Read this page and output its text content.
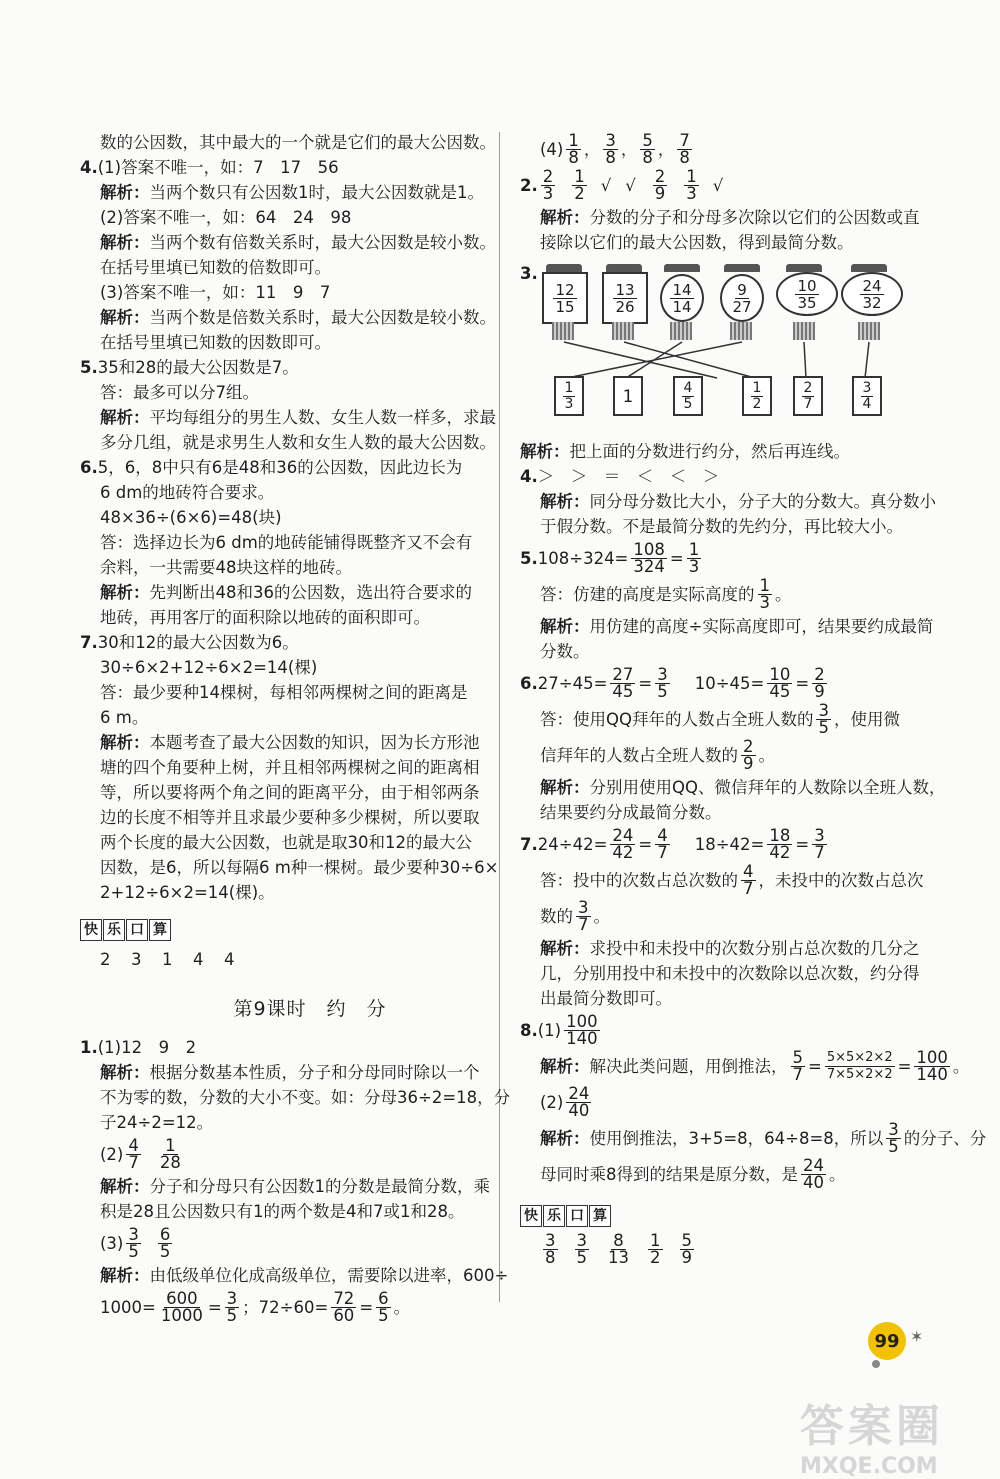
数的公因数，其中最大的一个就是它们的最大公因数。
4.(1)答案不唯一，如：7　17　56
解析：当两个数只有公因数1时，最大公因数就是1。
(2)答案不唯一，如：64　24　98
解析：当两个数有倍数关系时，最大公因数是较小数。
在括号里填已知数的倍数即可。
(3)答案不唯一，如：11　9　7
解析：当两个数是倍数关系时，最大公因数是较小数。
在括号里填已知数的因数即可。
5.35和28的最大公因数是7。
答：最多可以分7组。
解析：平均每组分的男生人数、女生人数一样多，求最
多分几组，就是求男生人数和女生人数的最大公因数。
6.5，6，8中只有6是48和36的公因数，因此边长为
6 dm的地砖符合要求。
48×36÷(6×6)=48(块)
答：选择边长为6 dm的地砖能铺得既整齐又不会有
余料，一共需要48块这样的地砖。
解析：先判断出48和36的公因数，选出符合要求的
地砖，再用客厅的面积除以地砖的面积即可。
7.30和12的最大公因数为6。
30÷6×2+12÷6×2=14(棵)
答：最少要种14棵树，每相邻两棵树之间的距离是
6 m。
解析：本题考查了最大公因数的知识，因为长方形池
塘的四个角要种上树，并且相邻两棵树之间的距离相
等，所以要将两个角之间的距离平分，由于相邻两条
边的长度不相等并且求最少要种多少棵树，所以要取
两个长度的最大公因数，也就是取30和12的最大公
因数，是6，所以每隔6 m种一棵树。最少要种30÷6×
2+12÷6×2=14(棵)。
快 乐 口 算
2　3　1　4　4
第9课时　约　分
1.(1)12　9　2
解析：根据分数基本性质，分子和分母同时除以一个
不为零的数，分数的大小不变。如：分母36÷2=18，分
子24÷2=12。
$(2) \frac{4}{7} \frac{1}{28}$
解析：分子和分母只有公因数1的分数是最简分数，乘
积是28且公因数只有1的两个数是4和7或1和28。
$(3) \frac{3}{5} \frac{6}{5}$
解析：由低级单位化成高级单位，需要除以进率，600÷
$1000= \frac{600}{1000} = \frac{3}{5}$ ；$72\div 60= \frac{72}{60} = \frac{6}{5}$ 。
$(4) \frac{1}{8}$ ， $\frac{3}{8}$ ， $\frac{5}{8}$ ， $\frac{7}{8}$
2. $\frac{2}{3} \frac{1}{2}$ √ √ $\frac{2}{9} \frac{1}{3}$ √
解析：分数的分子和分母多次除以它们的公因数或直
接除以它们的最大公因数，得到最简分数。
3.
$\frac{12}{15} \frac{13}{26} \frac{14}{14} \frac{9}{27}$	$\frac{10}{35}$	$\frac{24}{32}$
$\frac{1}{3}$	1	$\frac{4}{5}$	$\frac{1}{2}$	$\frac{2}{7}$	$\frac{3}{4}$
解析：把上面的分数进行约分，然后再连线。
4.＞　＞　＝　＜　＜　＞
解析：同分母分数比大小，分子大的分数大。真分数小
于假分数。不是最简分数的先约分，再比较大小。
5. $108\div 324= \frac{108}{324} = \frac{1}{3}$
答：仿建的高度是实际高度的 $\frac{1}{3}$ 。
解析：用仿建的高度÷实际高度即可，结果要约成最简
分数。
6. $27\div 45= \frac{27}{45} = \frac{3}{5} 10\div 45= \frac{10}{45} = \frac{2}{9}$
答：使用QQ拜年的人数占全班人数的 $\frac{3}{5}$ ，使用微
信拜年的人数占全班人数的 $\frac{2}{9}$ 。
解析：分别用使用QQ、微信拜年的人数除以全班人数，
结果要约分成最简分数。
7. $24\div 42= \frac{24}{42} = \frac{4}{7} 18\div 42= \frac{18}{42} = \frac{3}{7}$
答：投中的次数占总次数的 $\frac{4}{7}$ ，未投中的次数占总次
数的 $\frac{3}{7}$ 。
解析：求投中和未投中的次数分别占总次数的几分之
几，分别用投中和未投中的次数除以总次数，约分得
出最简分数即可。
8. $(1) \frac{100}{140}$
解析： 解决此类问题，用倒推法， $\frac{5}{7} = \frac{5\times 5\times 2\times 2}{7\times 5\times 2\times 2} = \frac{100}{140}$ 。
$(2) \frac{24}{40}$
解析： 使用倒推法，3+5=8，64÷8=8，所以 $\frac{3}{5}$ 的分子、分
母同时乘8得到的结果是原分数，是 $\frac{24}{40}$ 。
快 乐 口 算
$\frac{3}{8} \frac{3}{5} \frac{8}{13} \frac{1}{2} \frac{5}{9}$
99 ✶
答案圈
MXQE.COM
